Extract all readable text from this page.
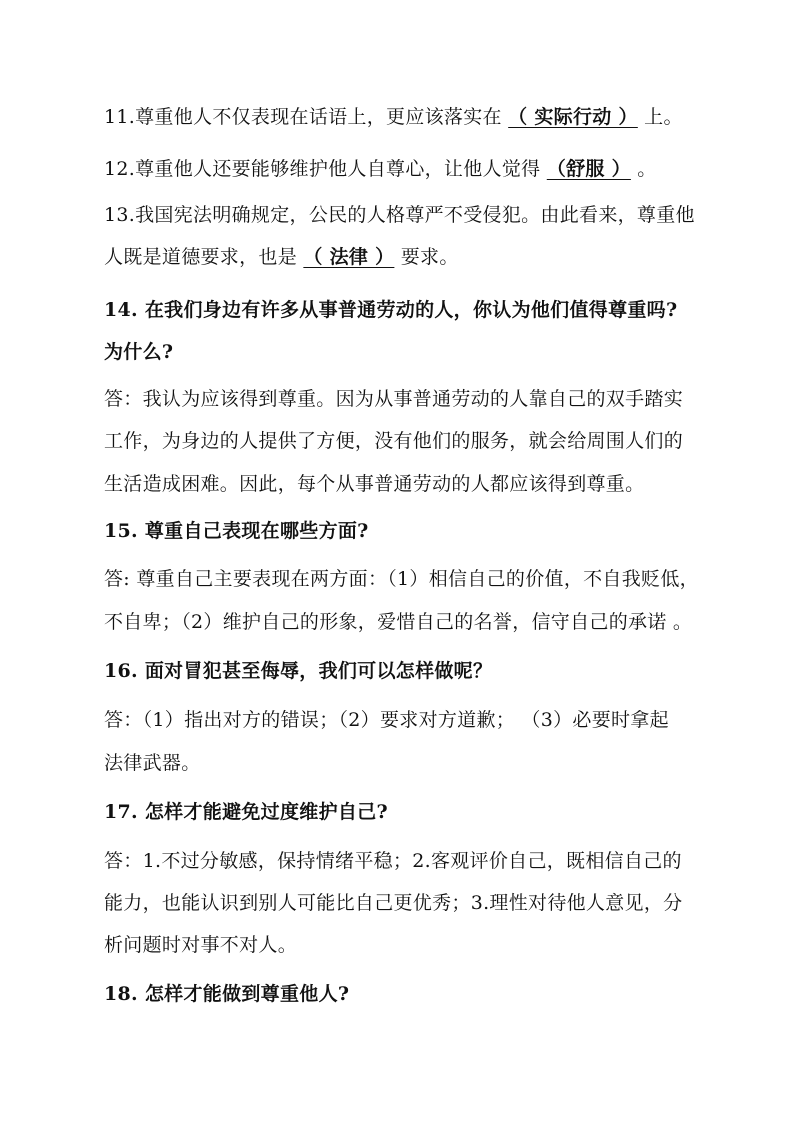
11.尊重他人不仅表现在话语上，更应该落实在 （ 实际行动 ） 上。
12.尊重他人还要能够维护他人自尊心，让他人觉得 （舒服 ） 。
13.我国宪法明确规定，公民的人格尊严不受侵犯。由此看来，尊重他
人既是道德要求，也是 （ 法律 ） 要求。
14. 在我们身边有许多从事普通劳动的人，你认为他们值得尊重吗?
为什么?
答：我认为应该得到尊重。因为从事普通劳动的人靠自己的双手踏实
工作，为身边的人提供了方便，没有他们的服务，就会给周围人们的
生活造成困难。因此，每个从事普通劳动的人都应该得到尊重。
15. 尊重自己表现在哪些方面?
答: 尊重自己主要表现在两方面：（1）相信自己的价值，不自我贬低，
不自卑；（2）维护自己的形象，爱惜自己的名誉，信守自己的承诺 。
16. 面对冒犯甚至侮辱，我们可以怎样做呢？
答：（1）指出对方的错误；（2）要求对方道歉； （3）必要时拿起
法律武器。
17. 怎样才能避免过度维护自己?
答：1.不过分敏感，保持情绪平稳；2.客观评价自己，既相信自己的
能力，也能认识到别人可能比自己更优秀；3.理性对待他人意见，分
析问题时对事不对人。
18. 怎样才能做到尊重他人?
